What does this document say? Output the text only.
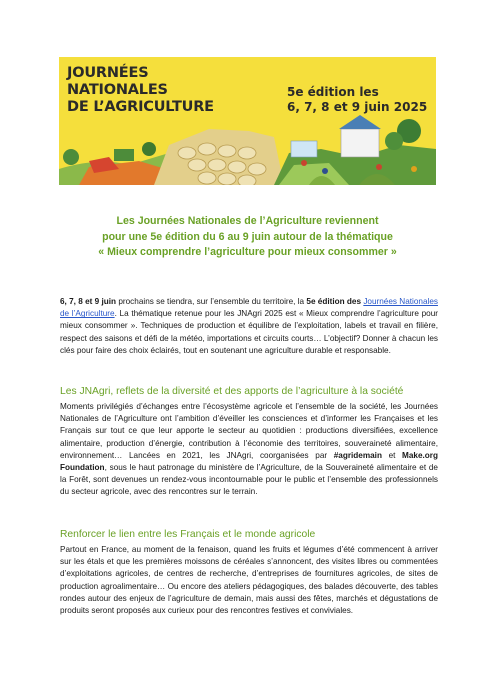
JOURNÉES
NATIONALES
DE L’AGRICULTURE
5e édition les
6, 7, 8 et 9 juin 2025
Les Journées Nationales de l’Agriculture reviennent
pour une 5e édition du 6 au 9 juin autour de la thématique
« Mieux comprendre l’agriculture pour mieux consommer »
6, 7, 8 et 9 juin prochains se tiendra, sur l’ensemble du territoire, la 5e édition des Journées Nationales de l’Agriculture. La thématique retenue pour les JNAgri 2025 est « Mieux comprendre l’agriculture pour mieux consommer ». Techniques de production et équilibre de l’exploitation, labels et travail en filière, respect des saisons et défi de la météo, importations et circuits courts… L’objectif? Donner à chacun les clés pour faire des choix éclairés, tout en soutenant une agriculture durable et responsable.
Les JNAgri, reflets de la diversité et des apports de l’agriculture à la société
Moments privilégiés d’échanges entre l’écosystème agricole et l’ensemble de la société, les Journées Nationales de l’Agriculture ont l’ambition d’éveiller les consciences et d’informer les Françaises et les Français sur tout ce que leur apporte le secteur au quotidien : productions diversifiées, excellence alimentaire, production d’énergie, contribution à l’économie des territoires, souveraineté alimentaire, environnement… Lancées en 2021, les JNAgri, coorganisées par #agridemain et Make.org Foundation, sous le haut patronage du ministère de l’Agriculture, de la Souveraineté alimentaire et de la Forêt, sont devenues un rendez-vous incontournable pour le public et l’ensemble des professionnels du secteur agricole, avec des rencontres sur le terrain.
Renforcer le lien entre les Français et le monde agricole
Partout en France, au moment de la fenaison, quand les fruits et légumes d’été commencent à arriver sur les étals et que les premières moissons de céréales s’annoncent, des visites libres ou commentées d’exploitations agricoles, de centres de recherche, d’entreprises de fournitures agricoles, de sites de production agroalimentaire… Ou encore des ateliers pédagogiques, des balades découverte, des tables rondes autour des enjeux de l’agriculture de demain, mais aussi des fêtes, marchés et dégustations de produits seront proposés aux curieux pour des rencontres festives et conviviales.
